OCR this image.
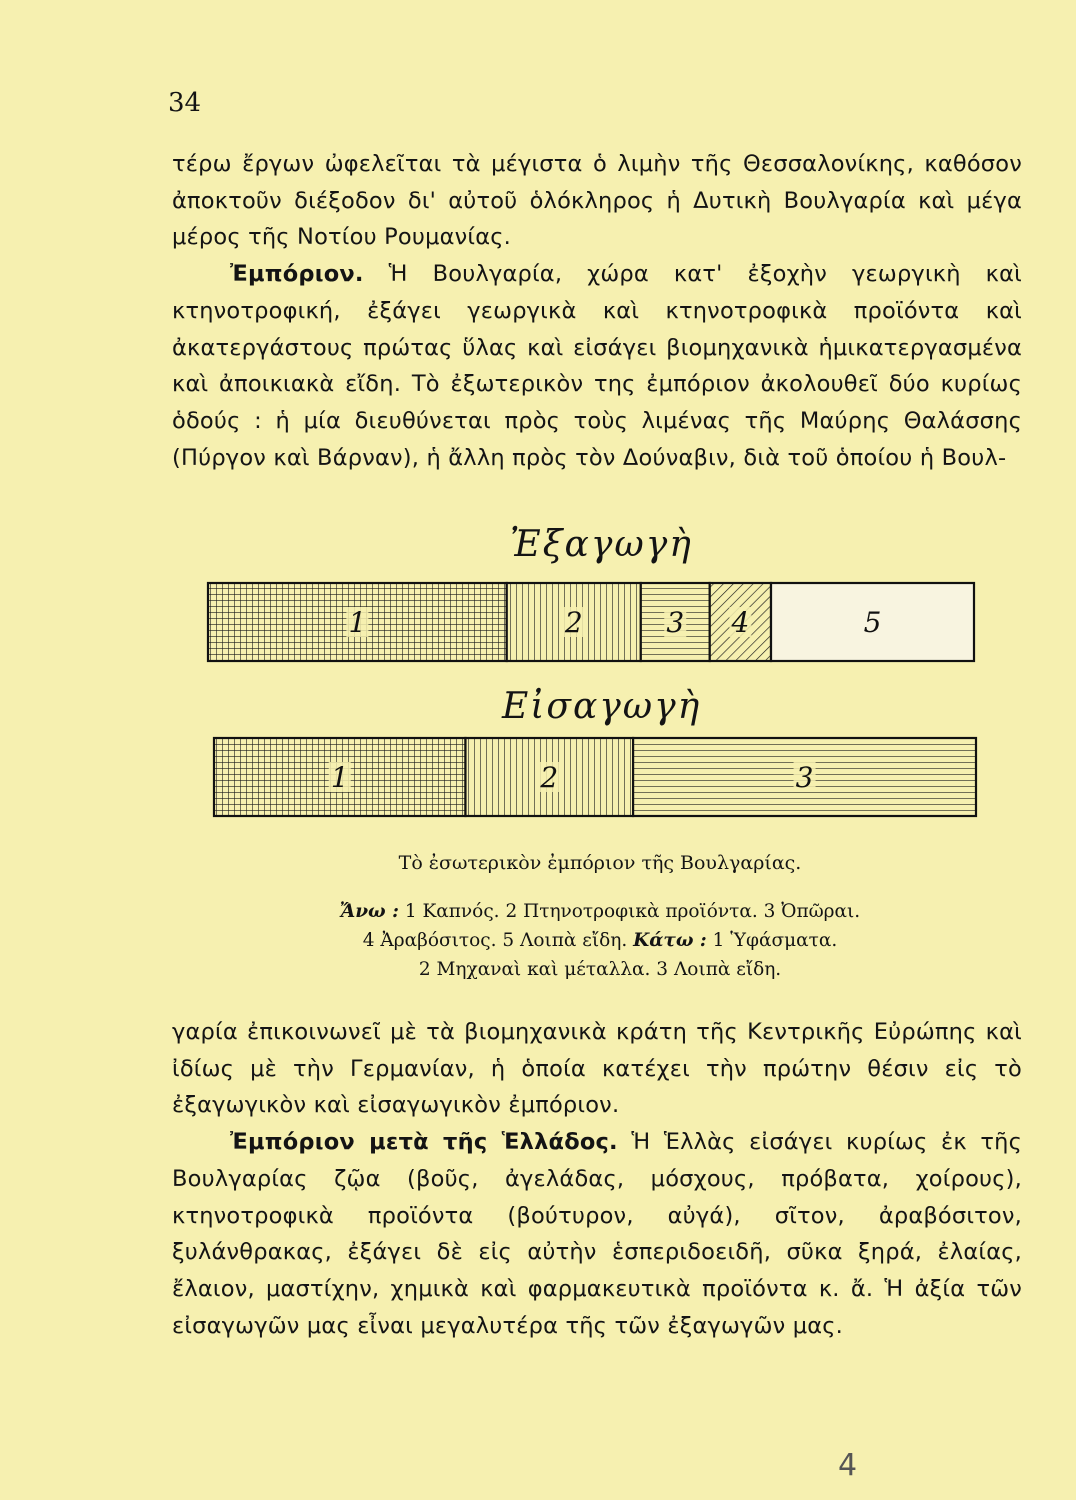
34

τέρω ἔργων ὠφελεῖται τὰ μέγιστα ὁ λιμὴν τῆς Θεσσαλονίκης, καθόσον ἀποκτοῦν διέξοδον δι' αὐτοῦ ὁλόκληρος ἡ Δυτικὴ Βουλγαρία καὶ μέγα μέρος τῆς Νοτίου Ρουμανίας.

Ἐμπόριον. Ἡ Βουλγαρία, χώρα κατ' ἐξοχὴν γεωργικὴ καὶ κτηνοτροφική, ἐξάγει γεωργικὰ καὶ κτηνοτροφικὰ προϊόντα καὶ ἀκατεργάστους πρώτας ὕλας καὶ εἰσάγει βιομηχανικὰ ἡμικατεργασμένα καὶ ἀποικιακὰ εἴδη. Τὸ ἐξωτερικὸν της ἐμπόριον ἀκολουθεῖ δύο κυρίως ὁδούς : ἡ μία διευθύνεται πρὸς τοὺς λιμένας τῆς Μαύρης Θαλάσσης (Πύργον καὶ Βάρναν), ἡ ἄλλη πρὸς τὸν Δούναβιν, διὰ τοῦ ὁποίου ἡ Βουλ-

Ἐξαγωγὴ
Εἰσαγωγὴ
1	2	3 4	5
1	2	3
Τὸ ἐσωτερικὸν ἐμπόριον τῆς Βουλγαρίας.
Ἄνω : 1 Καπνός. 2 Πτηνοτροφικὰ προϊόντα. 3 Ὀπῶραι.
4 Ἀραβόσιτος. 5 Λοιπὰ εἴδη. Κάτω : 1 Ὑφάσματα.
2 Μηχαναὶ καὶ μέταλλα. 3 Λοιπὰ εἴδη.

γαρία ἐπικοινωνεῖ μὲ τὰ βιομηχανικὰ κράτη τῆς Κεντρικῆς Εὐρώπης καὶ ἰδίως μὲ τὴν Γερμανίαν, ἡ ὁποία κατέχει τὴν πρώτην θέσιν εἰς τὸ ἐξαγωγικὸν καὶ εἰσαγωγικὸν ἐμπόριον.

Ἐμπόριον μετὰ τῆς Ἑλλάδος. Ἡ Ἑλλὰς εἰσάγει κυρίως ἐκ τῆς Βουλγαρίας ζῷα (βοῦς, ἀγελάδας, μόσχους, πρόβατα, χοίρους), κτηνοτροφικὰ προϊόντα (βούτυρον, αὐγά), σῖτον, ἀραβόσιτον, ξυλάνθρακας, ἐξάγει δὲ εἰς αὐτὴν ἑσπεριδοειδῆ, σῦκα ξηρά, ἐλαίας, ἔλαιον, μαστίχην, χημικὰ καὶ φαρμακευτικὰ προϊόντα κ. ἄ. Ἡ ἀξία τῶν εἰσαγωγῶν μας εἶναι μεγαλυτέρα τῆς τῶν ἐξαγωγῶν μας.

4
